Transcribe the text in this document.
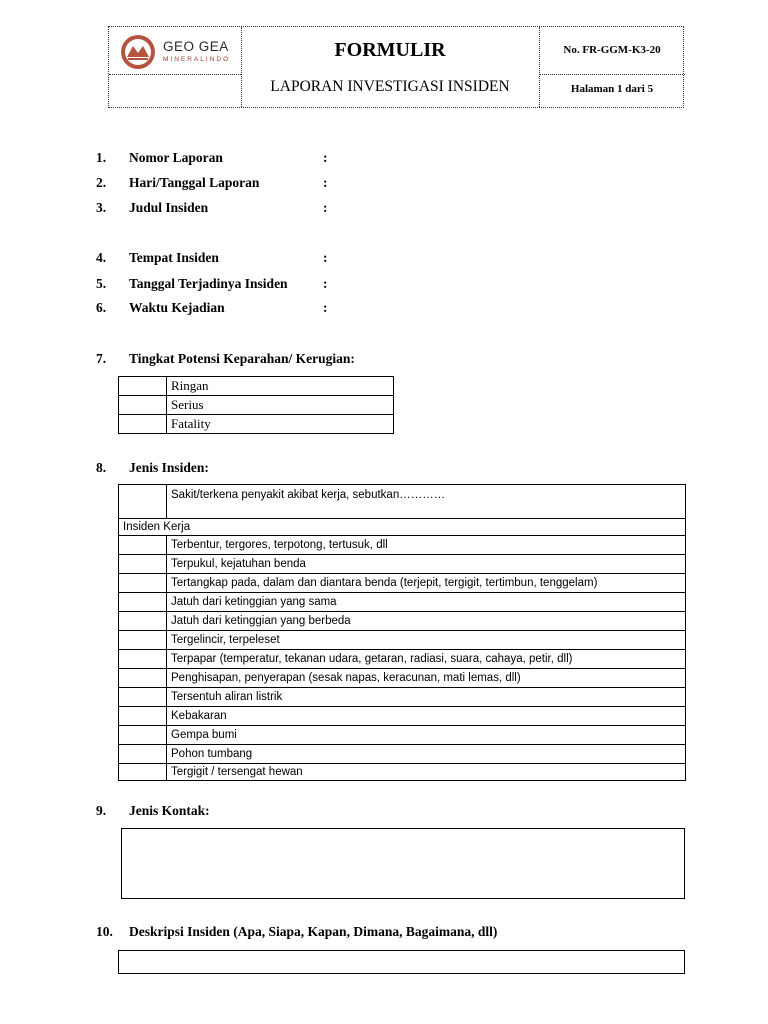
GEO GEA
MINERALINDO	FORMULIR
LAPORAN INVESTIGASI INSIDEN
No. FR-GGM-K3-20
Halaman 1 dari 5
1. Nomor Laporan	:
2. Hari/Tanggal Laporan	:
3. Judul Insiden	:
4. Tempat Insiden	:
5. Tanggal Terjadinya Insiden	:
6. Waktu Kejadian	:
7. Tingkat Potensi Keparahan/ Kerugian:
	Ringan
	Serius
	Fatality
8. Jenis Insiden:
	Sakit/terkena penyakit akibat kerja, sebutkan…………
Insiden Kerja	
	Terbentur, tergores, terpotong, tertusuk, dll
	Terpukul, kejatuhan benda
	Tertangkap pada, dalam dan diantara benda (terjepit, tergigit, tertimbun, tenggelam)
	Jatuh dari ketinggian yang sama
	Jatuh dari ketinggian yang berbeda
	Tergelincir, terpeleset
	Terpapar (temperatur, tekanan udara, getaran, radiasi, suara, cahaya, petir, dll)
	Penghisapan, penyerapan (sesak napas, keracunan, mati lemas, dll)
	Tersentuh aliran listrik
	Kebakaran
	Gempa bumi
	Pohon tumbang
	Tergigit / tersengat hewan
9. Jenis Kontak:
10. Deskripsi Insiden (Apa, Siapa, Kapan, Dimana, Bagaimana, dll)
